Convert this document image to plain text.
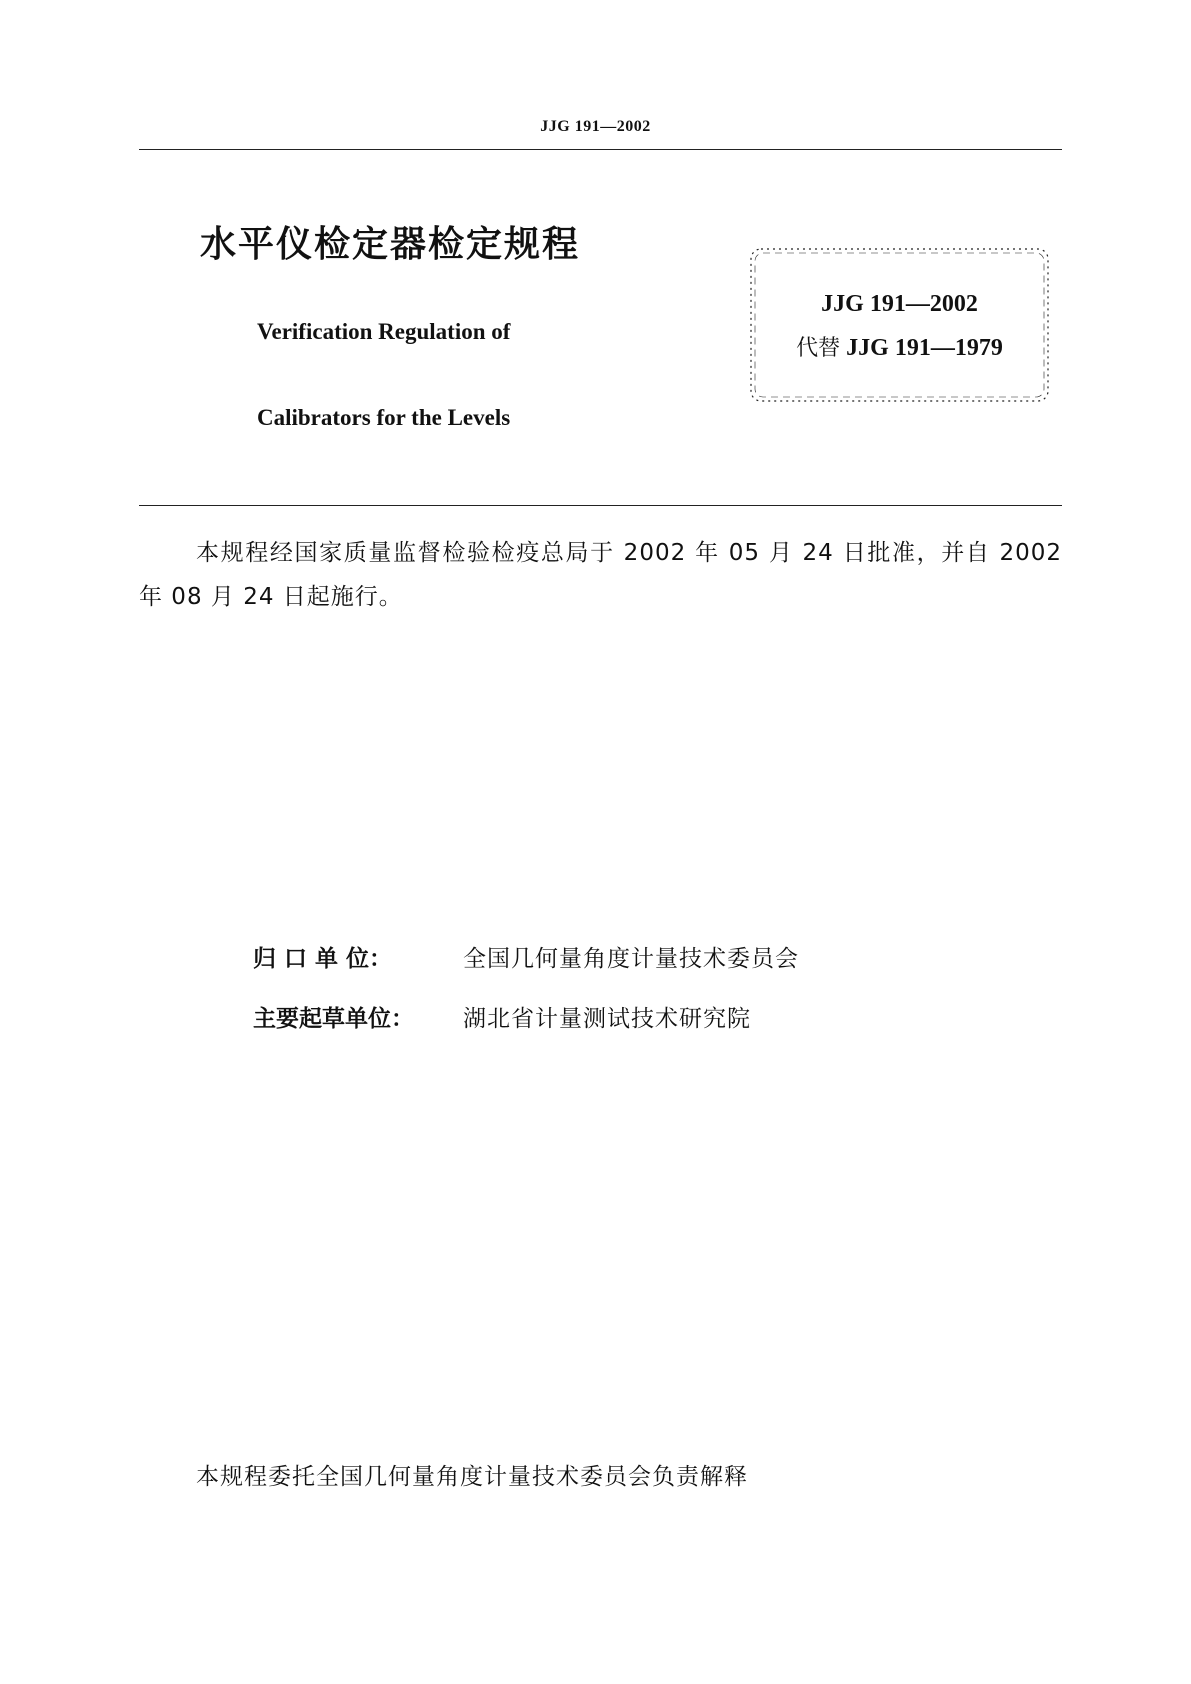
JJG 191—2002
水平仪检定器检定规程
Verification Regulation of
Calibrators for the Levels
JJG 191—2002
代替 JJG 191—1979
本规程经国家质量监督检验检疫总局于 2002 年 05 月 24 日批准，并自 2002 年 08 月 24 日起施行。
归 口 单 位：	全国几何量角度计量技术委员会
主要起草单位：	湖北省计量测试技术研究院
本规程委托全国几何量角度计量技术委员会负责解释
